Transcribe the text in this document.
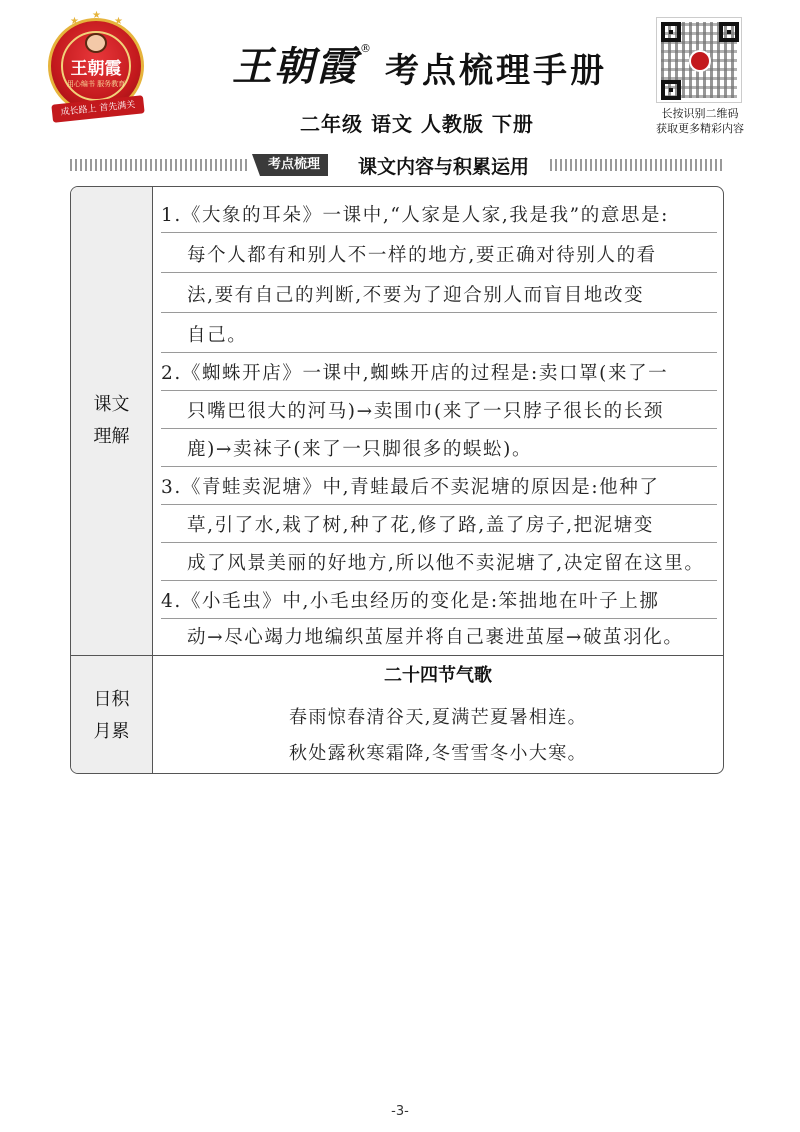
王朝霞
用心编书 服务教育
★
★
★
成长路上 首先满关
王朝霞 ®
考点梳理手册
二年级 语文 人教版 下册	长按识别二维码
获取更多精彩内容
考点梳理	课文内容与积累运用
课文
理解
1.《大象的耳朵》一课中,“人家是人家,我是我”的意思是:
每个人都有和别人不一样的地方,要正确对待别人的看
法,要有自己的判断,不要为了迎合别人而盲目地改变
自己。
2.《蜘蛛开店》一课中,蜘蛛开店的过程是:卖口罩(来了一
只嘴巴很大的河马)→卖围巾(来了一只脖子很长的长颈
鹿)→卖袜子(来了一只脚很多的蜈蚣)。
3.《青蛙卖泥塘》中,青蛙最后不卖泥塘的原因是:他种了
草,引了水,栽了树,种了花,修了路,盖了房子,把泥塘变
成了风景美丽的好地方,所以他不卖泥塘了,决定留在这里。
4.《小毛虫》中,小毛虫经历的变化是:笨拙地在叶子上挪
动→尽心竭力地编织茧屋并将自己裹进茧屋→破茧羽化。
日积
月累
二十四节气歌
春雨惊春清谷天,夏满芒夏暑相连。
秋处露秋寒霜降,冬雪雪冬小大寒。
-3-
